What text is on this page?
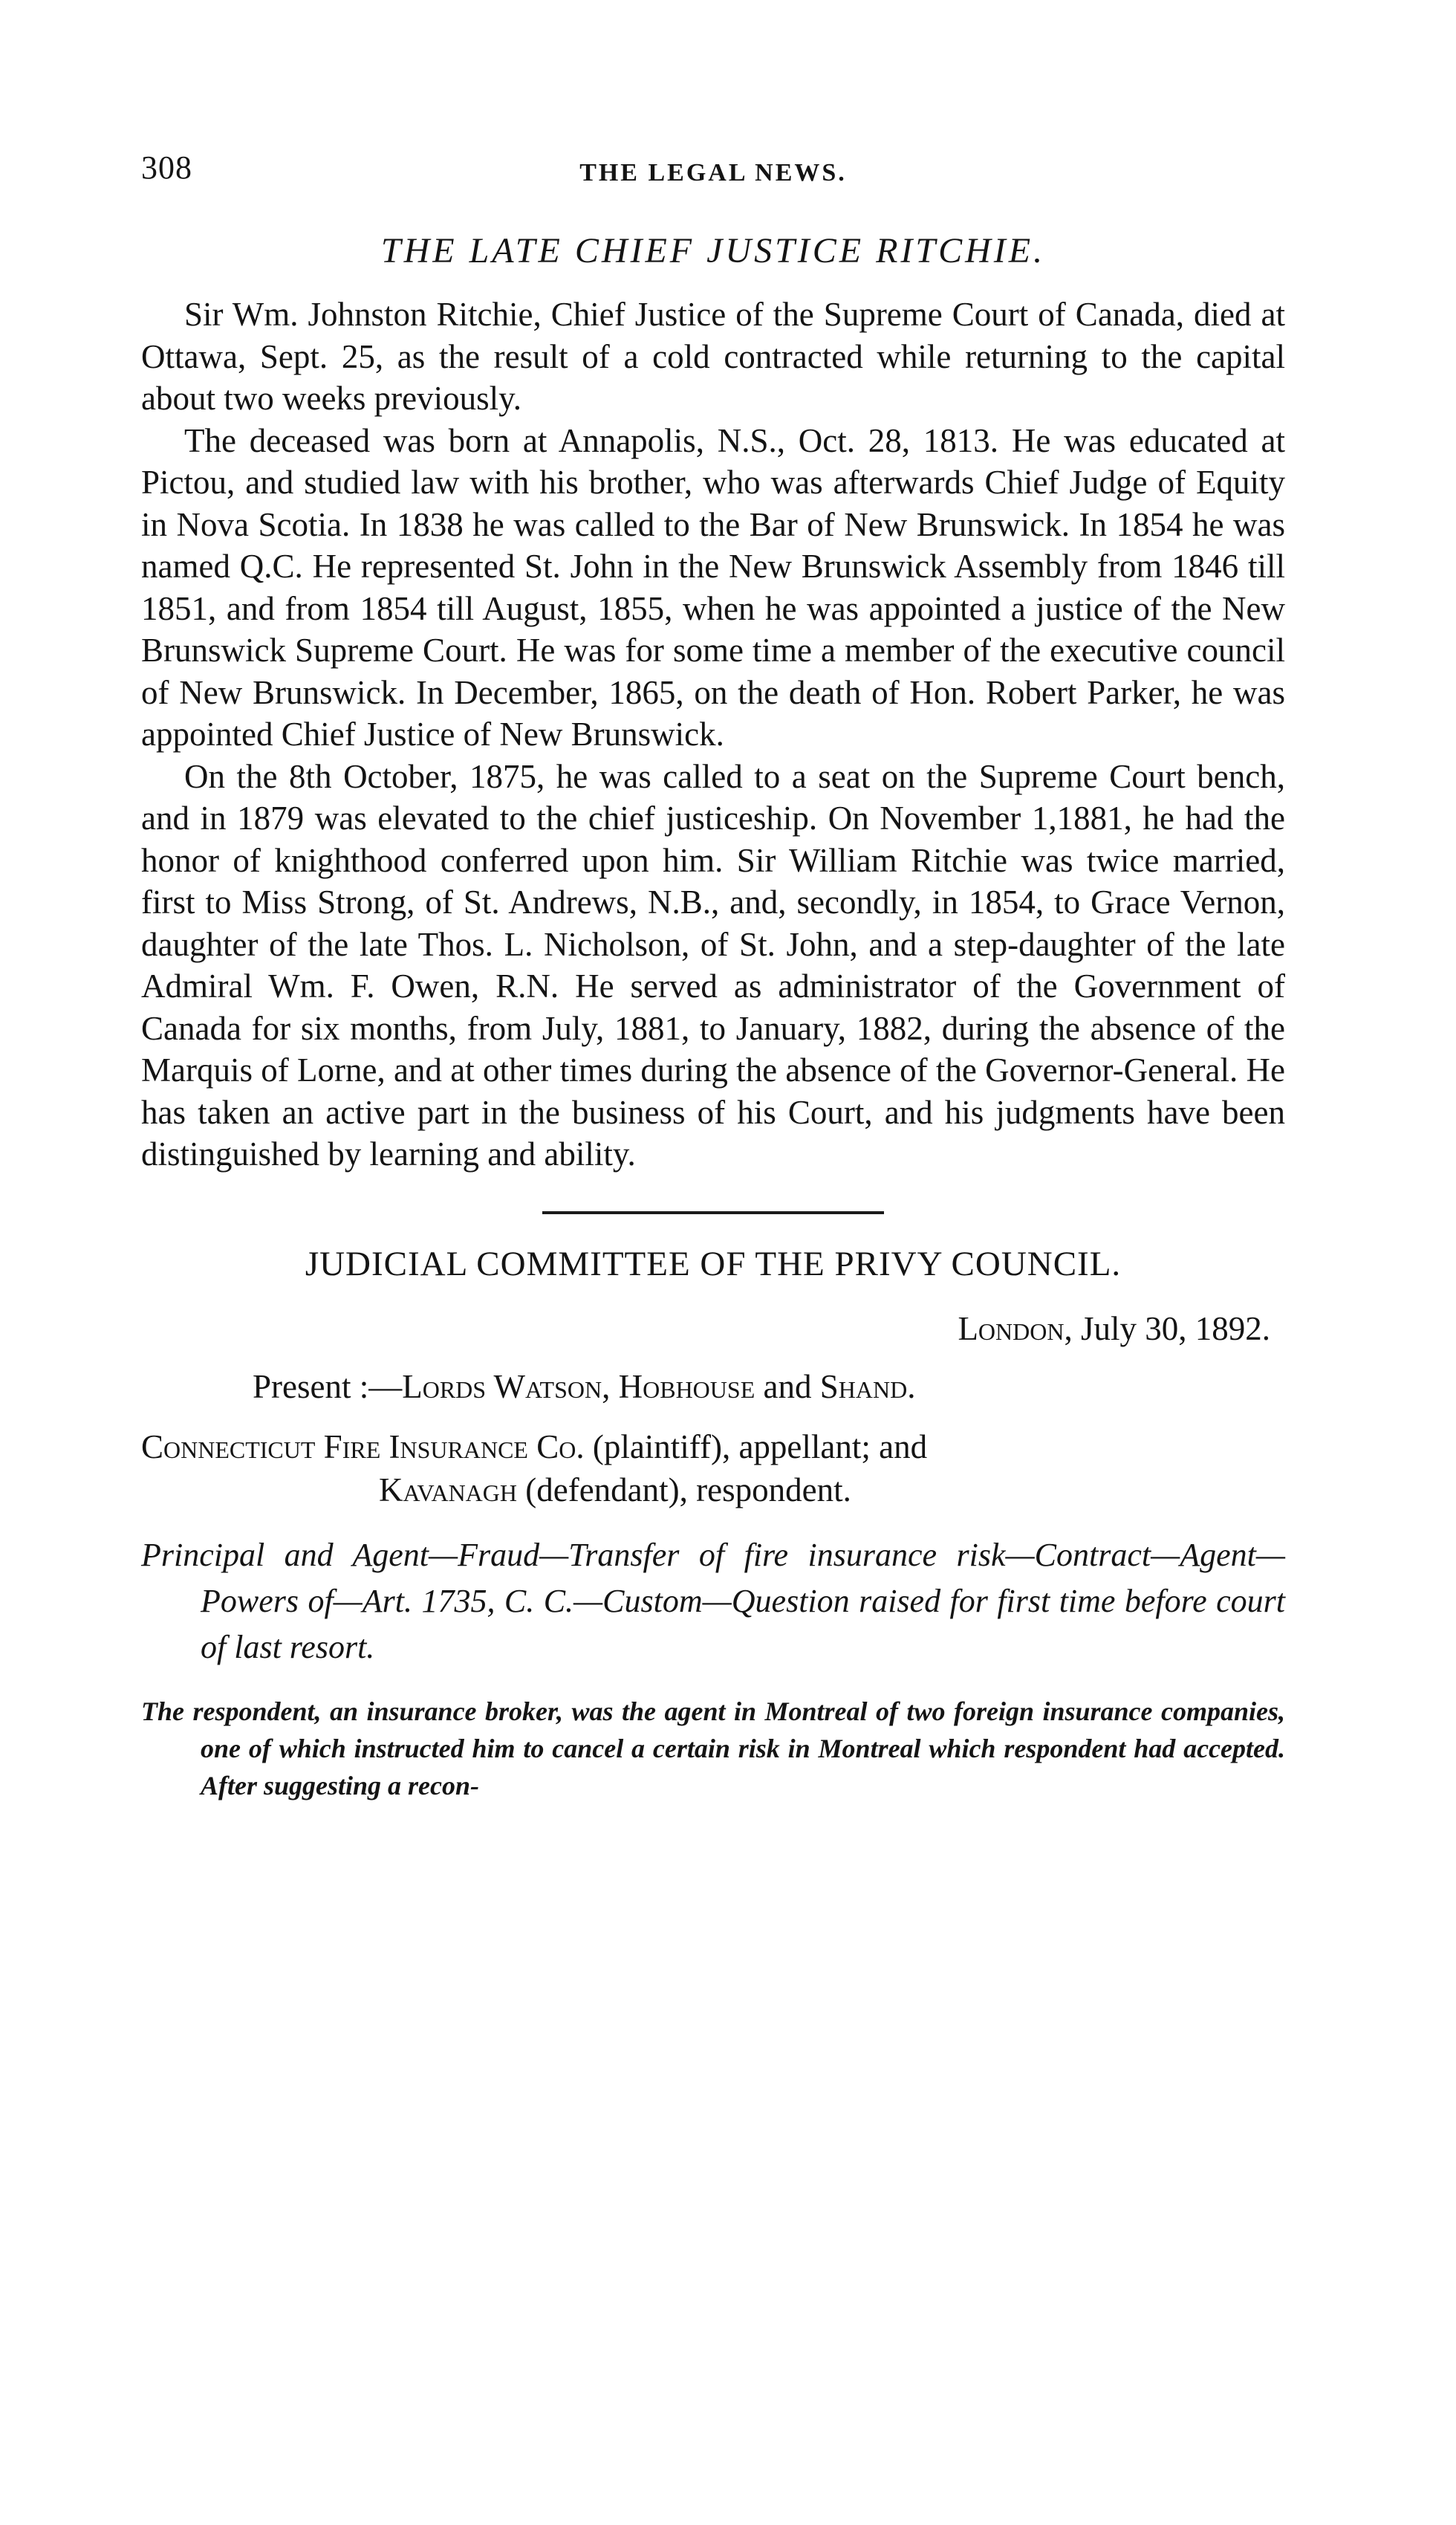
308	THE LEGAL NEWS.
THE LATE CHIEF JUSTICE RITCHIE.

Sir Wm. Johnston Ritchie, Chief Justice of the Supreme Court of Canada, died at Ottawa, Sept. 25, as the result of a cold contracted while returning to the capital about two weeks previously.

The deceased was born at Annapolis, N.S., Oct. 28, 1813. He was educated at Pictou, and studied law with his brother, who was afterwards Chief Judge of Equity in Nova Scotia. In 1838 he was called to the Bar of New Brunswick. In 1854 he was named Q.C. He represented St. John in the New Brunswick Assembly from 1846 till 1851, and from 1854 till August, 1855, when he was appointed a justice of the New Brunswick Supreme Court. He was for some time a member of the executive council of New Brunswick. In December, 1865, on the death of Hon. Robert Parker, he was appointed Chief Justice of New Brunswick.

On the 8th October, 1875, he was called to a seat on the Supreme Court bench, and in 1879 was elevated to the chief justiceship. On November 1,1881, he had the honor of knighthood conferred upon him. Sir William Ritchie was twice married, first to Miss Strong, of St. Andrews, N.B., and, secondly, in 1854, to Grace Vernon, daughter of the late Thos. L. Nicholson, of St. John, and a step-daughter of the late Admiral Wm. F. Owen, R.N. He served as administrator of the Government of Canada for six months, from July, 1881, to January, 1882, during the absence of the Marquis of Lorne, and at other times during the absence of the Governor-General. He has taken an active part in the business of his Court, and his judgments have been distinguished by learning and ability.

JUDICIAL COMMITTEE OF THE PRIVY COUNCIL.
London, July 30, 1892.
Present :—Lords Watson, Hobhouse and Shand.
Connecticut Fire Insurance Co. (plaintiff), appellant; and
Kavanagh (defendant), respondent.

Principal and Agent—Fraud—Transfer of fire insurance risk—Contract—Agent—Powers of—Art. 1735, C. C.—Custom—Question raised for first time before court of last resort.

The respondent, an insurance broker, was the agent in Montreal of two foreign insurance companies, one of which instructed him to cancel a certain risk in Montreal which respondent had accepted. After suggesting a recon-
